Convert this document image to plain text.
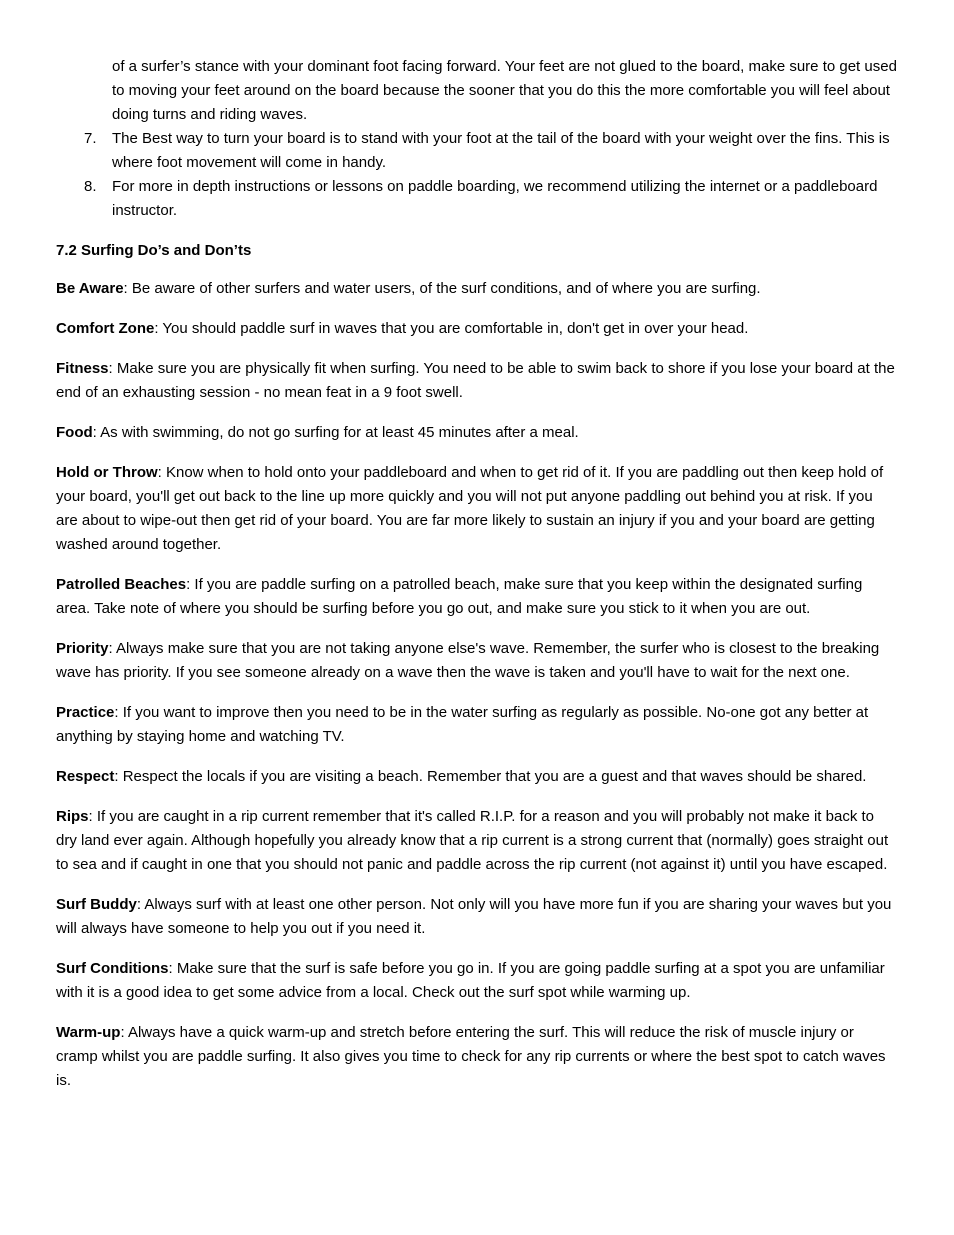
of a surfer’s stance with your dominant foot facing forward. Your feet are not glued to the board, make sure to get used to moving your feet around on the board because the sooner that you do this the more comfortable you will feel about doing turns and riding waves.

7. The Best way to turn your board is to stand with your foot at the tail of the board with your weight over the fins. This is where foot movement will come in handy.
8. For more in depth instructions or lessons on paddle boarding, we recommend utilizing the internet or a paddleboard instructor.
7.2 Surfing Do’s and Don’ts

Be Aware: Be aware of other surfers and water users, of the surf conditions, and of where you are surfing.

Comfort Zone: You should paddle surf in waves that you are comfortable in, don't get in over your head.

Fitness: Make sure you are physically fit when surfing. You need to be able to swim back to shore if you lose your board at the end of an exhausting session - no mean feat in a 9 foot swell.

Food: As with swimming, do not go surfing for at least 45 minutes after a meal.

Hold or Throw: Know when to hold onto your paddleboard and when to get rid of it. If you are paddling out then keep hold of your board, you'll get out back to the line up more quickly and you will not put anyone paddling out behind you at risk. If you are about to wipe-out then get rid of your board. You are far more likely to sustain an injury if you and your board are getting washed around together.

Patrolled Beaches: If you are paddle surfing on a patrolled beach, make sure that you keep within the designated surfing area. Take note of where you should be surfing before you go out, and make sure you stick to it when you are out.

Priority: Always make sure that you are not taking anyone else's wave. Remember, the surfer who is closest to the breaking wave has priority. If you see someone already on a wave then the wave is taken and you'll have to wait for the next one.

Practice: If you want to improve then you need to be in the water surfing as regularly as possible. No-one got any better at anything by staying home and watching TV.

Respect: Respect the locals if you are visiting a beach. Remember that you are a guest and that waves should be shared.

Rips: If you are caught in a rip current remember that it's called R.I.P. for a reason and you will probably not make it back to dry land ever again. Although hopefully you already know that a rip current is a strong current that (normally) goes straight out to sea and if caught in one that you should not panic and paddle across the rip current (not against it) until you have escaped.

Surf Buddy: Always surf with at least one other person. Not only will you have more fun if you are sharing your waves but you will always have someone to help you out if you need it.

Surf Conditions: Make sure that the surf is safe before you go in. If you are going paddle surfing at a spot you are unfamiliar with it is a good idea to get some advice from a local. Check out the surf spot while warming up.

Warm-up: Always have a quick warm-up and stretch before entering the surf. This will reduce the risk of muscle injury or cramp whilst you are paddle surfing. It also gives you time to check for any rip currents or where the best spot to catch waves is.
